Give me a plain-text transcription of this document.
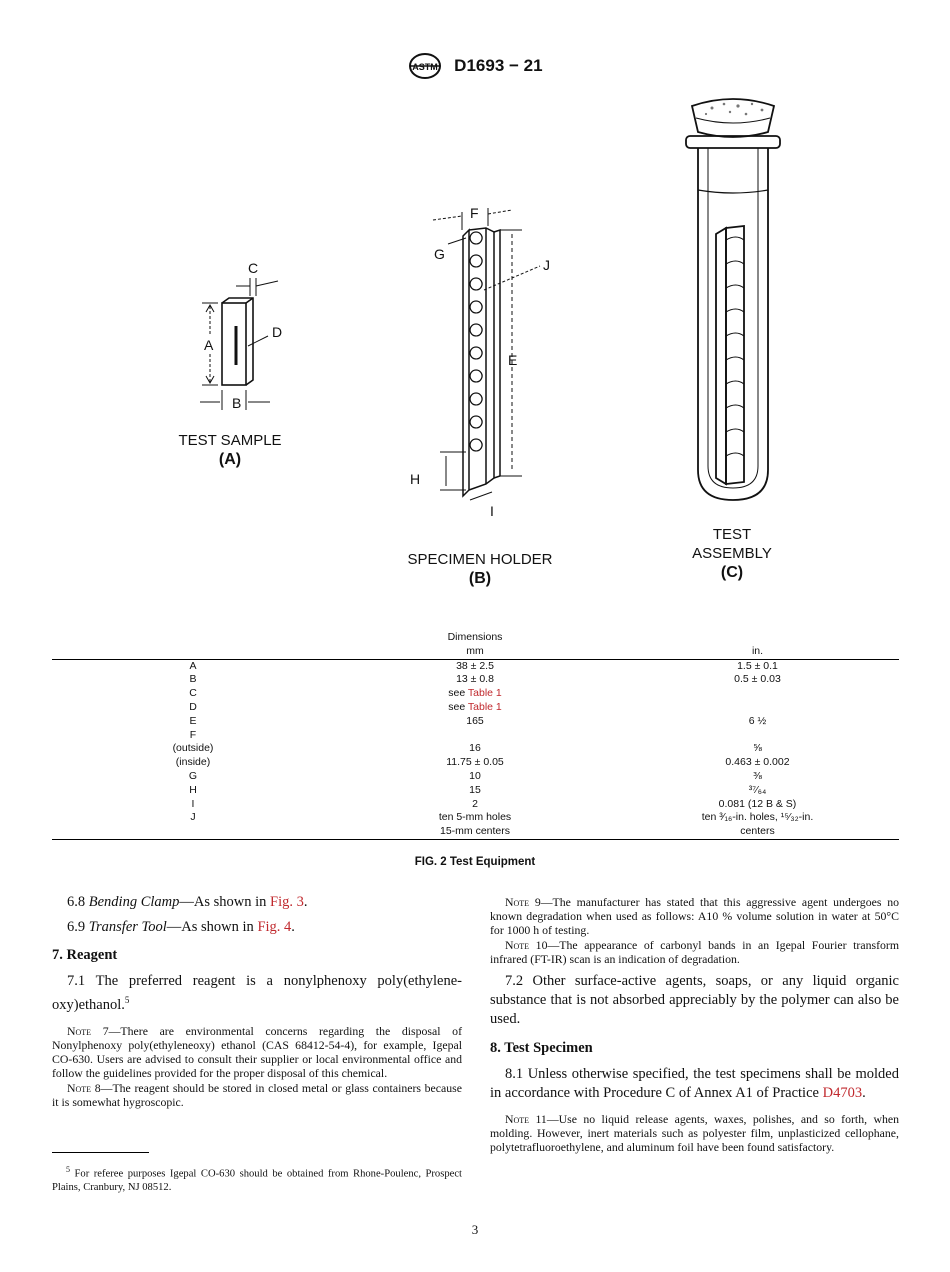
ASTM D1693 − 21
A
B
C
D
E
F
G
H
I
J
TEST SAMPLE
(A)
SPECIMEN HOLDER
(B)
TEST
ASSEMBLY
(C)
	Dimensions	
	mm	in.
A	38 ± 2.5	1.5 ± 0.1
B	13 ± 0.8	0.5 ± 0.03
C	see Table 1	
D	see Table 1	
E	165	6 ½
F		
(outside)	16	⅝
(inside)	11.75 ± 0.05	0.463 ± 0.002
G	10	⅜
H	15	³⁷⁄₆₄
I	2	0.081 (12 B & S)
J	ten 5-mm holes	ten ³⁄₁₆-in. holes, ¹⁵⁄₃₂-in.
	15-mm centers	centers
FIG. 2 Test Equipment
6.8 Bending Clamp—As shown in Fig. 3.
6.9 Transfer Tool—As shown in Fig. 4.
7. Reagent
7.1 The preferred reagent is a nonylphenoxy poly(ethylene-oxy)ethanol.$^5$
Note 7—There are environmental concerns regarding the disposal of Nonylphenoxy poly(ethyleneoxy) ethanol (CAS 68412-54-4), for example, Igepal CO-630. Users are advised to consult their supplier or local environmental office and follow the guidelines provided for the proper disposal of this chemical.
Note 8—The reagent should be stored in closed metal or glass containers because it is somewhat hygroscopic.
$^5$ For referee purposes Igepal CO-630 should be obtained from Rhone-Poulenc, Prospect Plains, Cranbury, NJ 08512.
Note 9—The manufacturer has stated that this aggressive agent undergoes no known degradation when used as follows: A10 % volume solution in water at 50°C for 1000 h of testing.
Note 10—The appearance of carbonyl bands in an Igepal Fourier transform infrared (FT-IR) scan is an indication of degradation.
7.2 Other surface-active agents, soaps, or any liquid organic substance that is not absorbed appreciably by the polymer can also be used.
8. Test Specimen
8.1 Unless otherwise specified, the test specimens shall be molded in accordance with Procedure C of Annex A1 of Practice D4703.
Note 11—Use no liquid release agents, waxes, polishes, and so forth, when molding. However, inert materials such as polyester film, unplasticized cellophane, polytetrafluoroethylene, and aluminum foil have been found satisfactory.
3
